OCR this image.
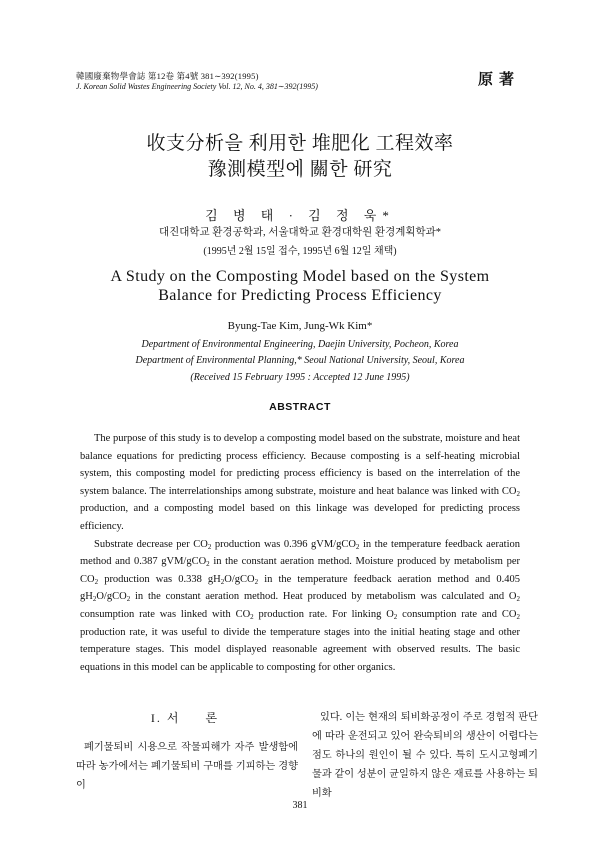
韓國廢棄物學會誌 第12卷 第4號 381∼392(1995)
J. Korean Solid Wastes Engineering Society Vol. 12, No. 4, 381∼392(1995)	原著
收支分析을 利用한 堆肥化 工程效率
豫測模型에 關한 研究
김 병 태 · 김 정 욱*
대진대학교 환경공학과, 서울대학교 환경대학원 환경계획학과*
(1995년 2월 15일 접수, 1995년 6월 12일 채택)
A Study on the Composting Model based on the System
Balance for Predicting Process Efficiency
Byung-Tae Kim, Jung-Wk Kim*
Department of Environmental Engineering, Daejin University, Pocheon, Korea
Department of Environmental Planning,* Seoul National University, Seoul, Korea
(Received 15 February 1995 : Accepted 12 June 1995)
ABSTRACT

The purpose of this study is to develop a composting model based on the substrate, moisture and heat balance equations for predicting process efficiency. Because composting is a self-heating microbial system, this composting model for predicting process efficiency is based on the interrelation of the system balance. The interrelationships among substrate, moisture and heat balance was linked with $CO_2$ production, and a composting model based on this linkage was developed for predicting process efficiency.

Substrate decrease per $CO_2$ production was 0.396 gVM/gCO$_2$ in the temperature feedback aeration method and 0.387 gVM/gCO$_2$ in the constant aeration method. Moisture produced by metabolism per $CO_2$ production was 0.338 $gH_2O/gCO_2$ in the temperature feedback aeration method and 0.405 $gH_2O/gCO_2$ in the constant aeration method. Heat produced by metabolism was calculated and $O_2$ consumption rate was linked with $CO_2$ production rate. For linking $O_2$ consumption rate and $CO_2$ production rate, it was useful to divide the temperature stages into the initial heating stage and other temperature stages. This model displayed reasonable agreement with observed results. The basic equations in this model can be applicable to composting for other organics.

I. 서     론
폐기물퇴비 시용으로 작물피해가 자주 발생함에 따라 농가에서는 폐기물퇴비 구매를 기피하는 경향이
있다. 이는 현재의 퇴비화공정이 주로 경험적 판단에 따라 운전되고 있어 완숙퇴비의 생산이 어렵다는 점도 하나의 원인이 될 수 있다. 특히 도시고형폐기물과 같이 성분이 균일하지 않은 재료를 사용하는 퇴비화
381
